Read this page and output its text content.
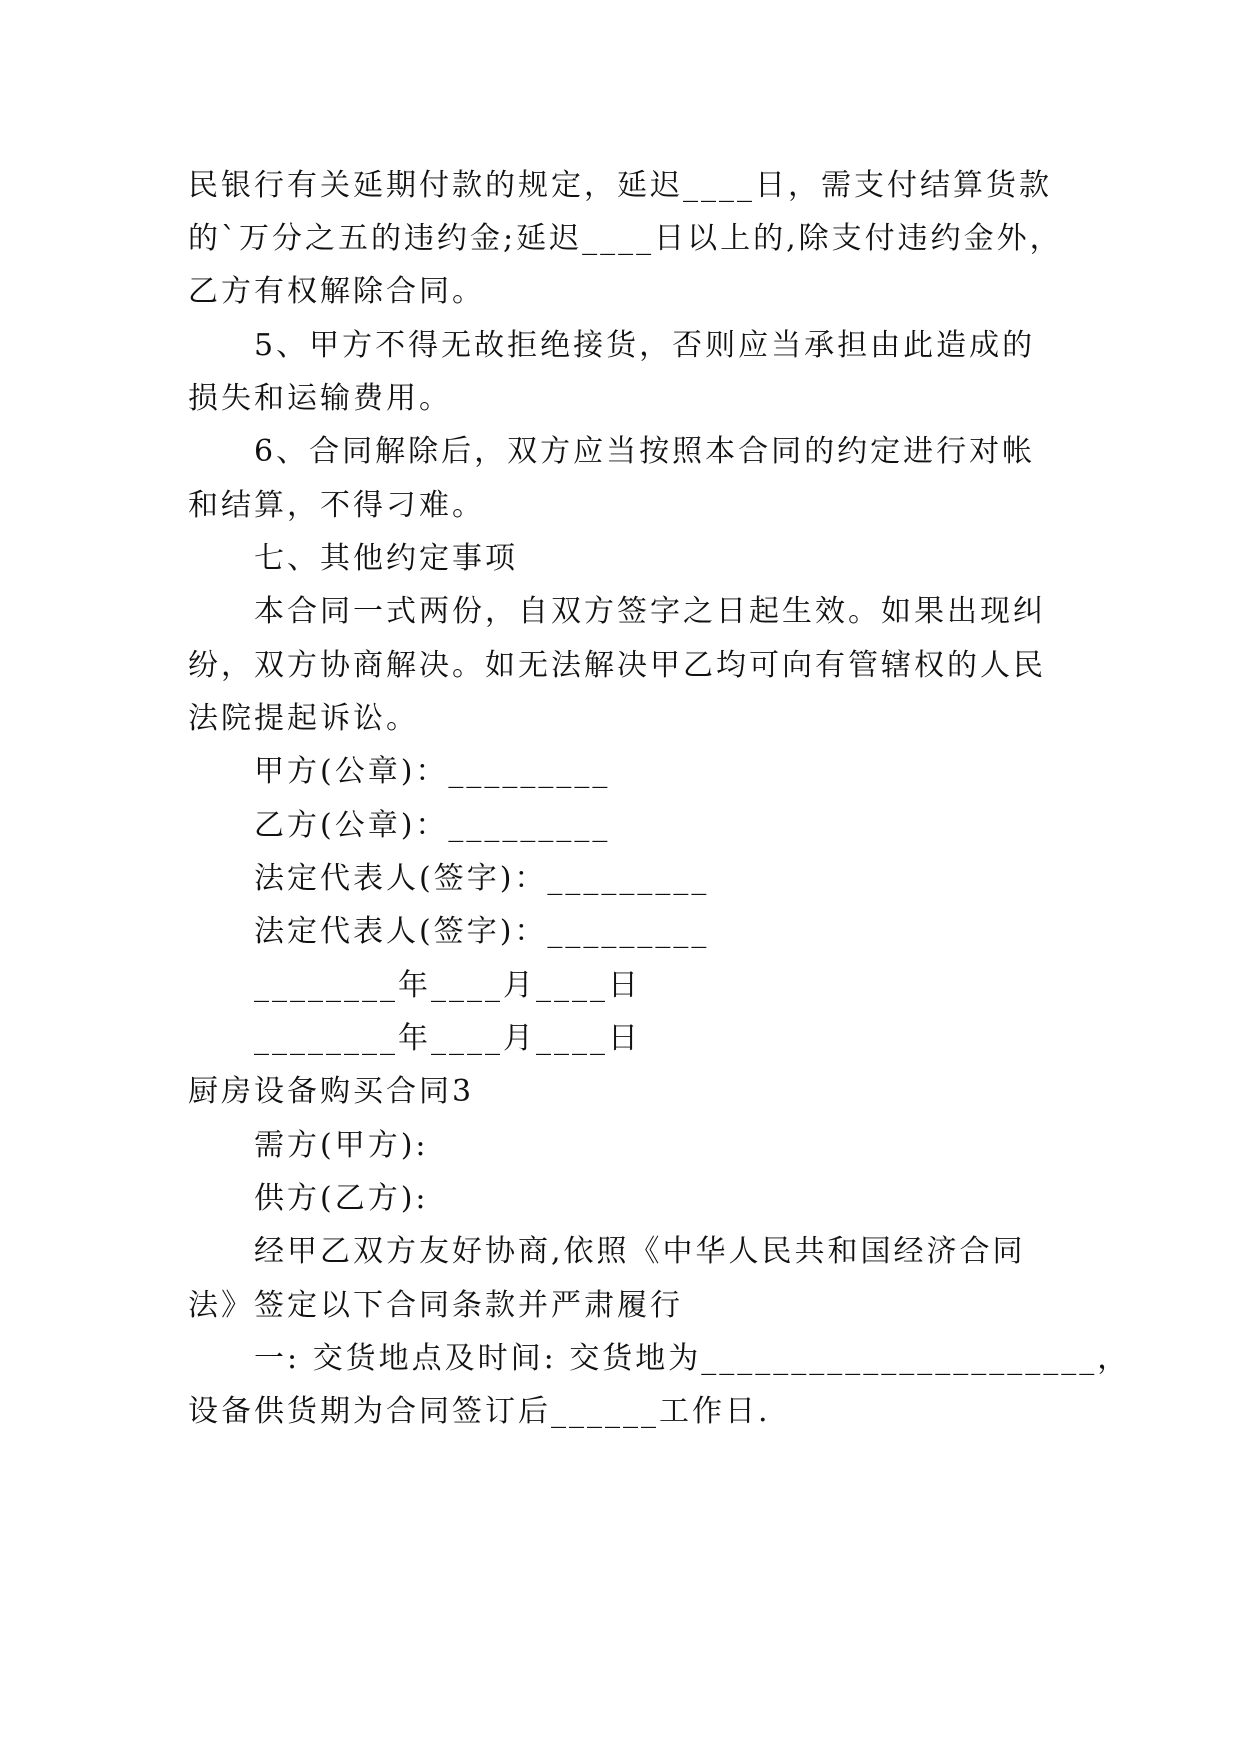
民银行有关延期付款的规定，延迟____日，需支付结算货款
的`万分之五的违约金;延迟____日以上的,除支付违约金外，
乙方有权解除合同。
5、甲方不得无故拒绝接货，否则应当承担由此造成的
损失和运输费用。
6、合同解除后，双方应当按照本合同的约定进行对帐
和结算，不得刁难。
七、其他约定事项
本合同一式两份，自双方签字之日起生效。如果出现纠
纷，双方协商解决。如无法解决甲乙均可向有管辖权的人民
法院提起诉讼。
甲方(公章)：_________
乙方(公章)：_________
法定代表人(签字)：_________
法定代表人(签字)：_________
________年____月____日
________年____月____日
厨房设备购买合同3
需方(甲方):
供方(乙方):
经甲乙双方友好协商,依照《中华人民共和国经济合同
法》签定以下合同条款并严肃履行
一: 交货地点及时间: 交货地为______________________，
设备供货期为合同签订后______工作日.
